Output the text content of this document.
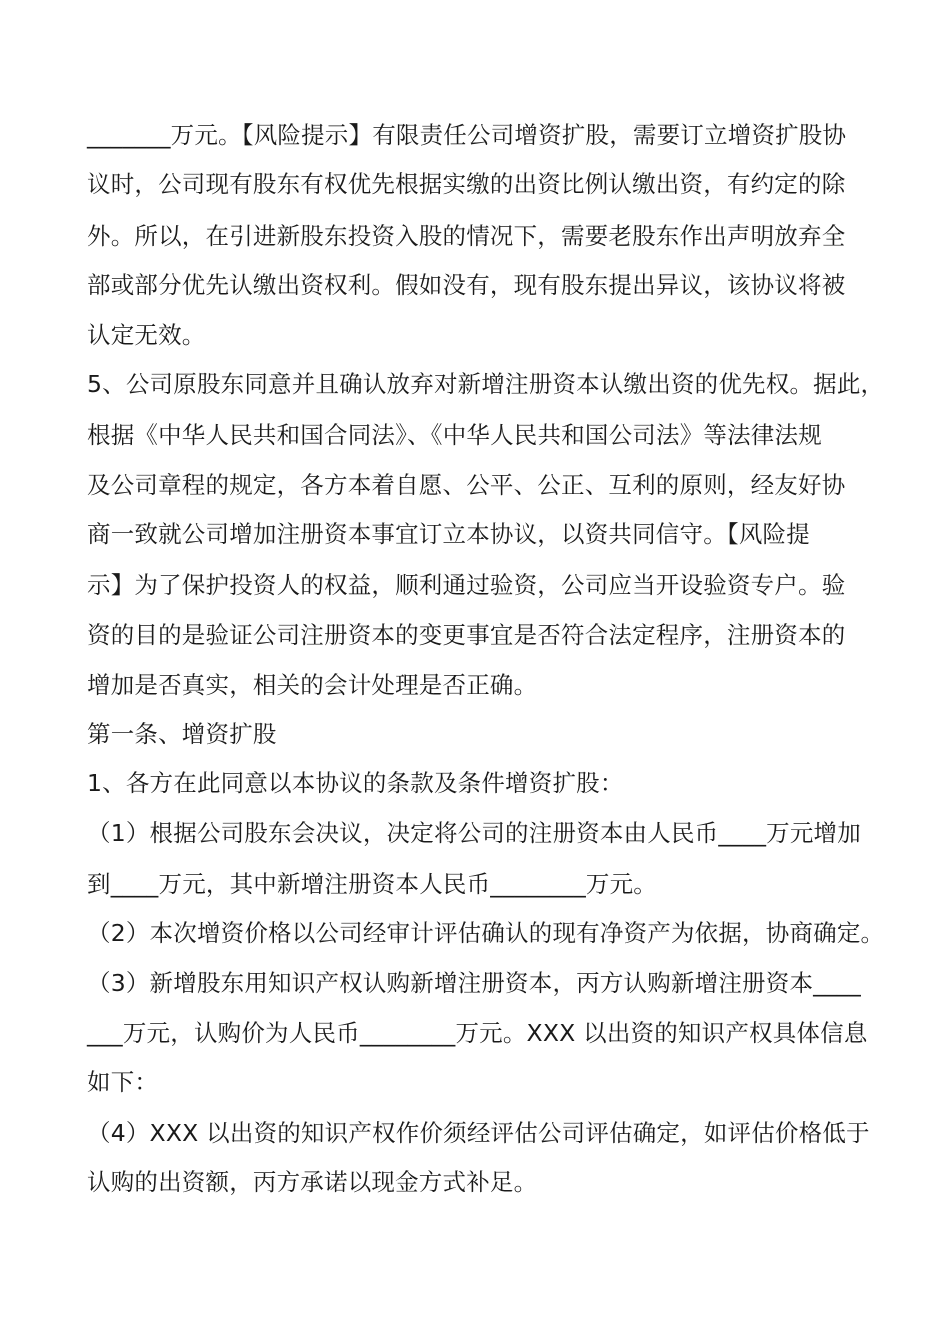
_______万元。【风险提示】有限责任公司增资扩股，需要订立增资扩股协
议时，公司现有股东有权优先根据实缴的出资比例认缴出资，有约定的除
外。所以，在引进新股东投资入股的情况下，需要老股东作出声明放弃全
部或部分优先认缴出资权利。假如没有，现有股东提出异议，该协议将被
认定无效。
5、公司原股东同意并且确认放弃对新增注册资本认缴出资的优先权。据此，
根据《中华人民共和国合同法》、《中华人民共和国公司法》等法律法规
及公司章程的规定，各方本着自愿、公平、公正、互利的原则，经友好协
商一致就公司增加注册资本事宜订立本协议，以资共同信守。【风险提
示】为了保护投资人的权益，顺利通过验资，公司应当开设验资专户。验
资的目的是验证公司注册资本的变更事宜是否符合法定程序，注册资本的
增加是否真实，相关的会计处理是否正确。
第一条、增资扩股
1、各方在此同意以本协议的条款及条件增资扩股：
（1）根据公司股东会决议，决定将公司的注册资本由人民币____万元增加
到____万元，其中新增注册资本人民币________万元。
（2）本次增资价格以公司经审计评估确认的现有净资产为依据，协商确定。
（3）新增股东用知识产权认购新增注册资本，丙方认购新增注册资本____
___万元，认购价为人民币________万元。XXX 以出资的知识产权具体信息
如下：
（4）XXX 以出资的知识产权作价须经评估公司评估确定，如评估价格低于
认购的出资额，丙方承诺以现金方式补足。
